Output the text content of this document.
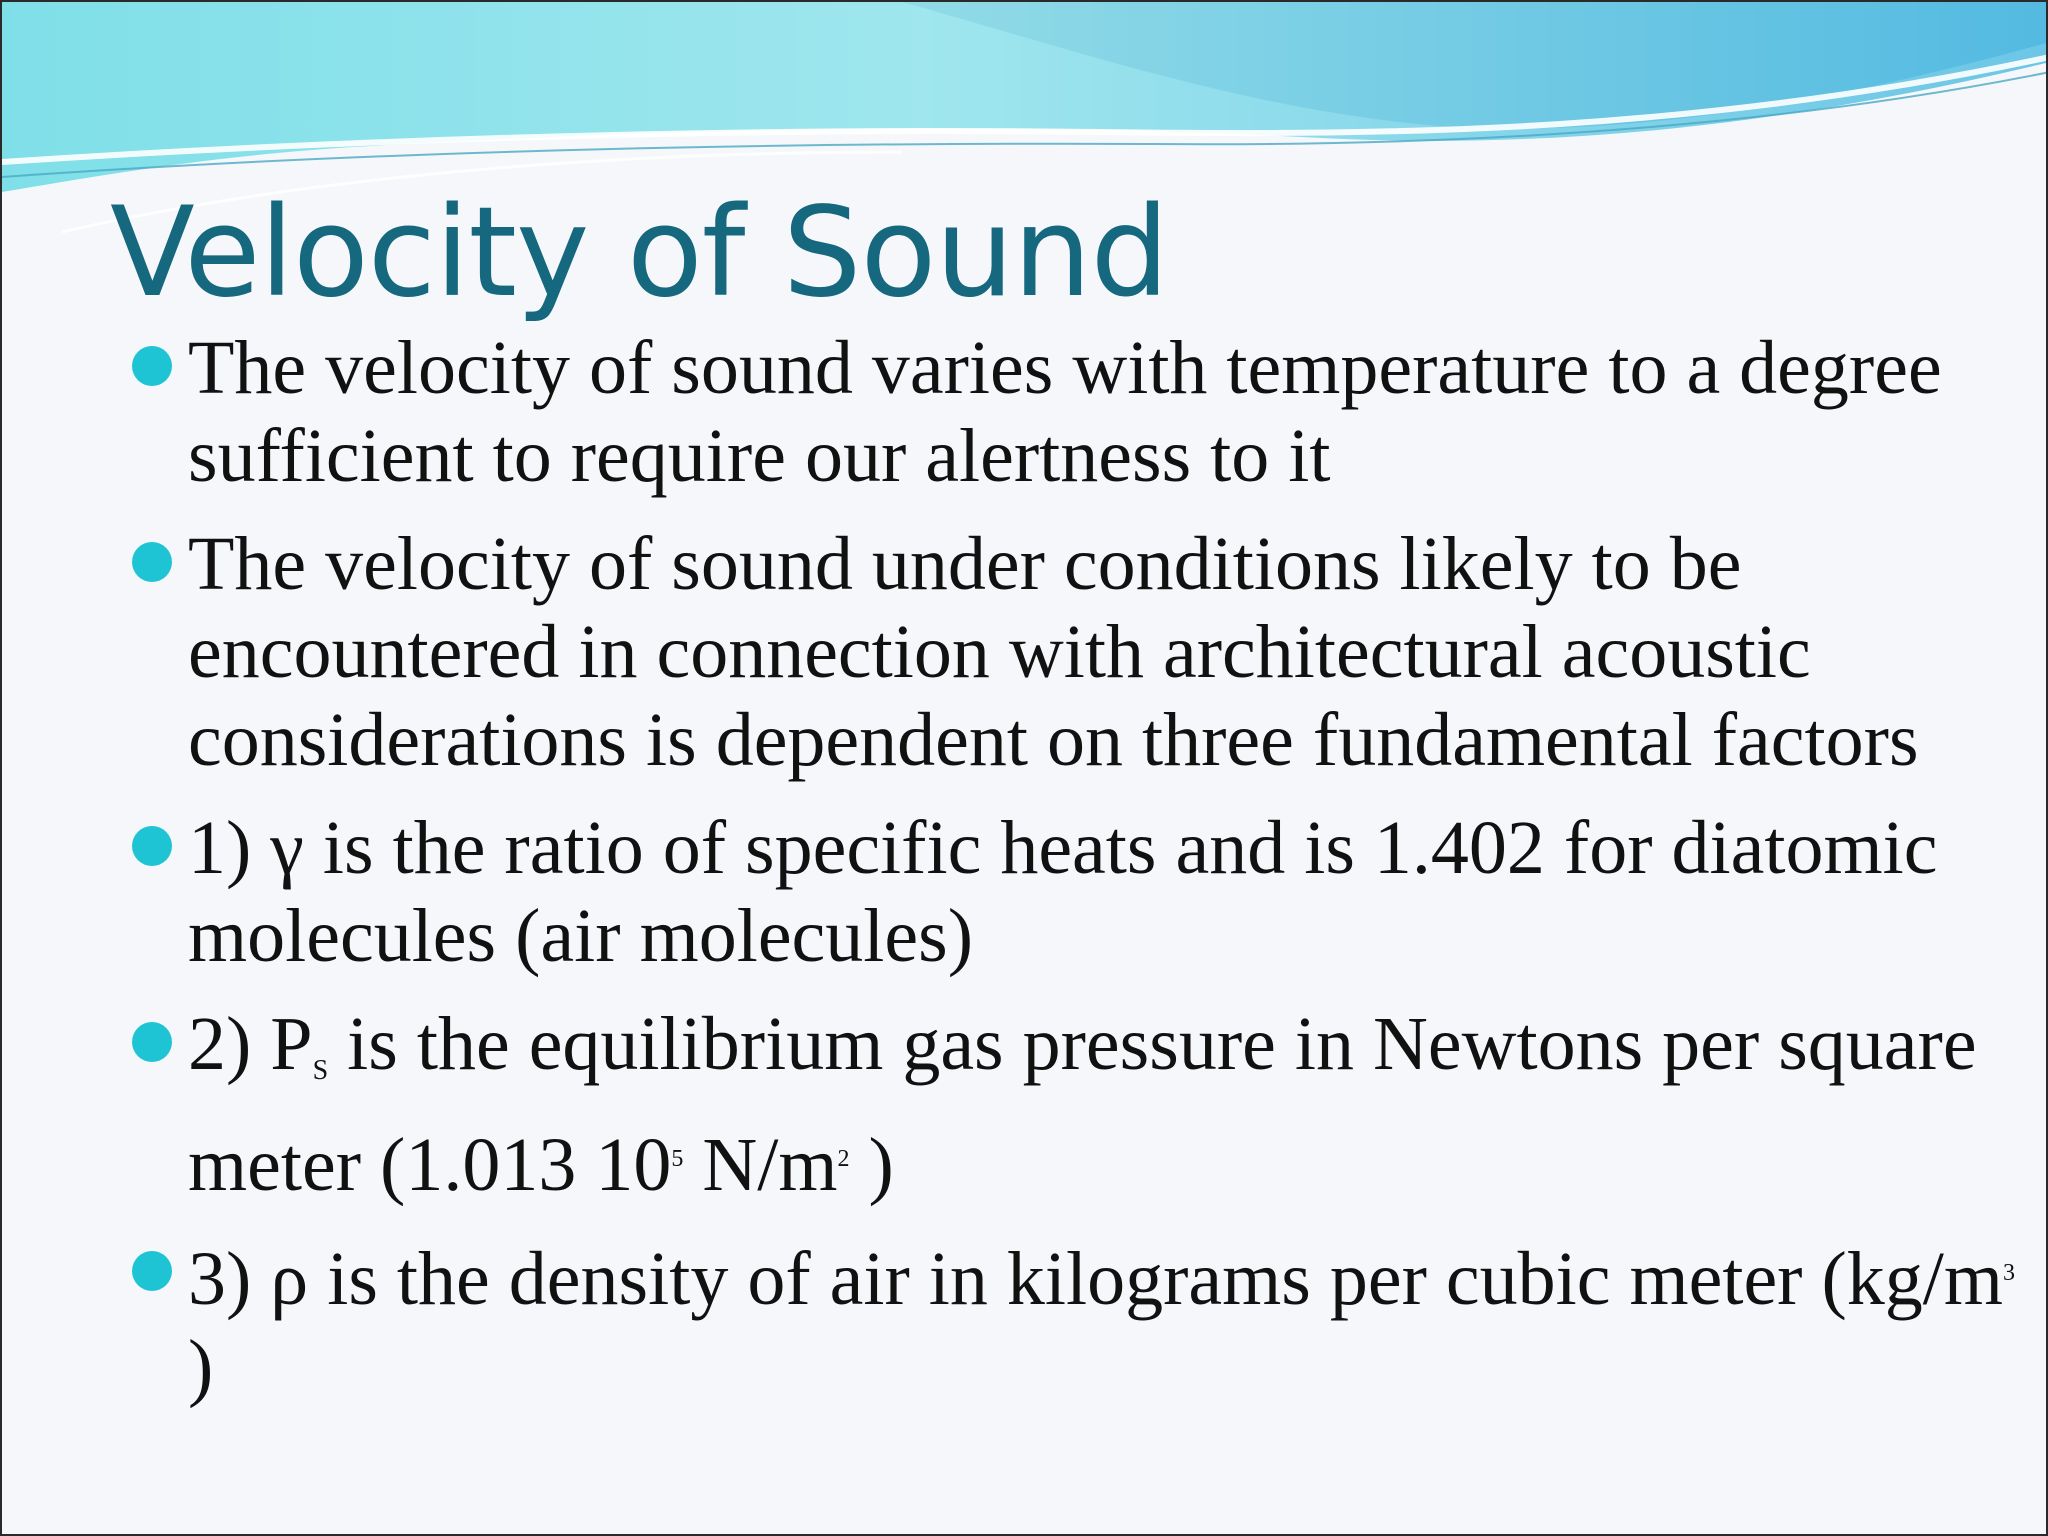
Velocity of Sound
The velocity of sound varies with temperature to a degree sufficient to require our alertness to it
The velocity of sound under conditions likely to be encountered in connection with architectural acoustic considerations is dependent on three fundamental factors
1) γ is the ratio of specific heats and is 1.402 for diatomic molecules (air molecules)
2) $P_S$ is the equilibrium gas pressure in Newtons per square meter (1.013 $10^5$ $N/m^2$ )
3) ρ is the density of air in kilograms per cubic meter ($kg/m^3$ )
